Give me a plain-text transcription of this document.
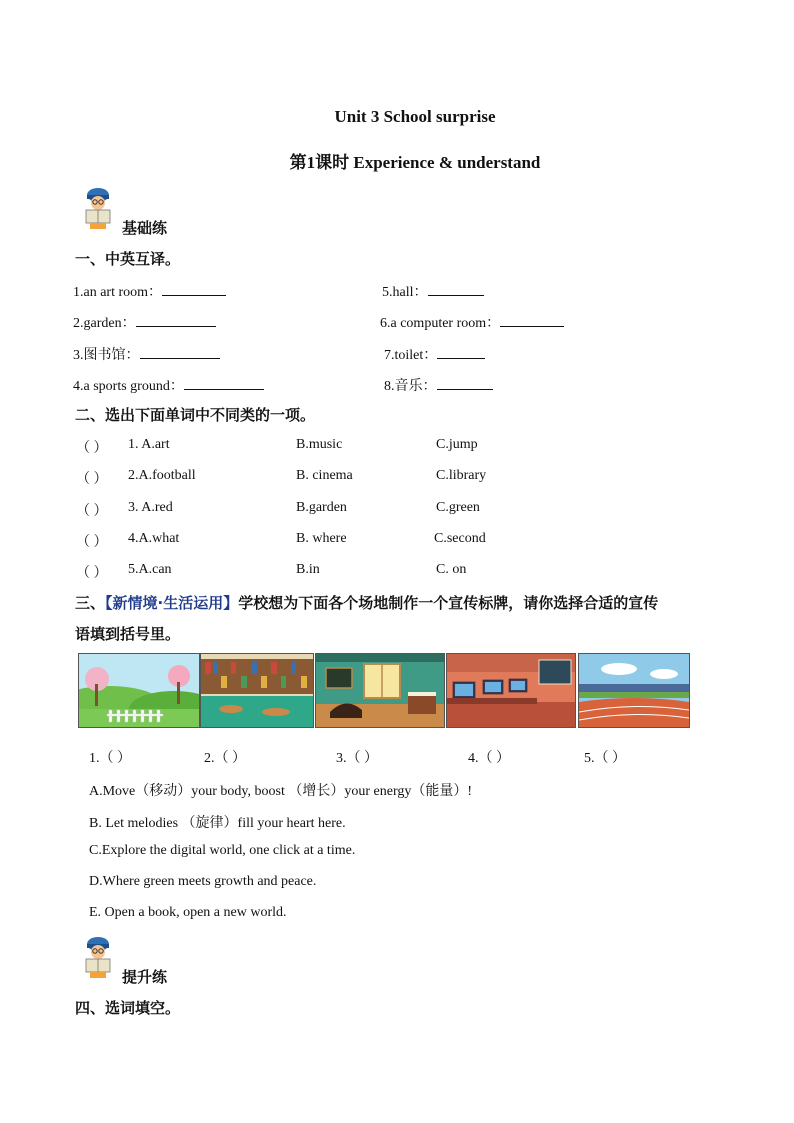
Unit 3 School surprise
第1课时 Experience & understand
基础练
一、中英互译。
1.an art room：
2.garden：
3.图书馆：
4.a sports ground：
5.hall：
6.a computer room：
7.toilet：
8.音乐：
二、选出下面单词中不同类的一项。
（ ） 1. A.art	B.music	C.jump
（ ） 2.A.football	B. cinema	C.library
（ ） 3. A.red	B.garden	C.green
（ ） 4.A.what	B. where	C.second
（ ） 5.A.can	B.in	C. on
三、【新情境·生活运用】学校想为下面各个场地制作一个宣传标牌，请你选择合适的宣传
语填到括号里。
1.（ ）	2.（ ）	3.（ ）	4.（ ）	5.（ ）
A.Move（移动）your body, boost （增长）your energy（能量）!
B. Let melodies （旋律）fill your heart here.
C.Explore the digital world, one click at a time.
D.Where green meets growth and peace.
E. Open a book, open a new world.
提升练
四、选词填空。
